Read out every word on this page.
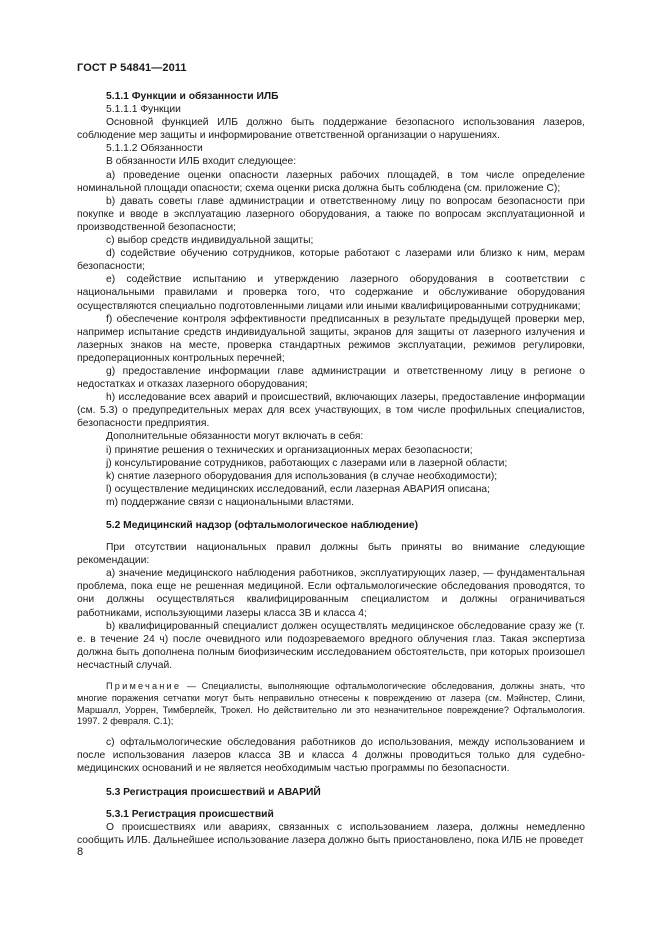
ГОСТ Р 54841—2011

5.1.1 Функции и обязанности ИЛБ

5.1.1.1 Функции

Основной функцией ИЛБ должно быть поддержание безопасного использования лазеров, соблюдение мер защиты и информирование ответственной организации о нарушениях.

5.1.1.2 Обязанности

В обязанности ИЛБ входит следующее:

a) проведение оценки опасности лазерных рабочих площадей, в том числе определение номинальной площади опасности; схема оценки риска должна быть соблюдена (см. приложение С);

b) давать советы главе администрации и ответственному лицу по вопросам безопасности при покупке и вводе в эксплуатацию лазерного оборудования, а также по вопросам эксплуатационной и производственной безопасности;

c) выбор средств индивидуальной защиты;

d) содействие обучению сотрудников, которые работают с лазерами или близко к ним, мерам безопасности;

e) содействие испытанию и утверждению лазерного оборудования в соответствии с национальными правилами и проверка того, что содержание и обслуживание оборудования осуществляются специально подготовленными лицами или иными квалифицированными сотрудниками;

f) обеспечение контроля эффективности предписанных в результате предыдущей проверки мер, например испытание средств индивидуальной защиты, экранов для защиты от лазерного излучения и лазерных знаков на месте, проверка стандартных режимов эксплуатации, режимов регулировки, предоперационных контрольных перечней;

g) предоставление информации главе администрации и ответственному лицу в регионе о недостатках и отказах лазерного оборудования;

h) исследование всех аварий и происшествий, включающих лазеры, предоставление информации (см. 5.3) о предупредительных мерах для всех участвующих, в том числе профильных специалистов, безопасности предприятия.

Дополнительные обязанности могут включать в себя:

i) принятие решения о технических и организационных мерах безопасности;

j) консультирование сотрудников, работающих с лазерами или в лазерной области;

k) снятие лазерного оборудования для использования (в случае необходимости);

l) осуществление медицинских исследований, если лазерная АВАРИЯ описана;

m) поддержание связи с национальными властями.

5.2 Медицинский надзор (офтальмологическое наблюдение)

При отсутствии национальных правил должны быть приняты во внимание следующие рекомендации:

a) значение медицинского наблюдения работников, эксплуатирующих лазер, — фундаментальная проблема, пока еще не решенная медициной. Если офтальмологические обследования проводятся, то они должны осуществляться квалифицированным специалистом и должны ограничиваться работниками, использующими лазеры класса 3В и класса 4;

b) квалифицированный специалист должен осуществлять медицинское обследование сразу же (т. е. в течение 24 ч) после очевидного или подозреваемого вредного облучения глаз. Такая экспертиза должна быть дополнена полным биофизическим исследованием обстоятельств, при которых произошел несчастный случай.

Примечание — Специалисты, выполняющие офтальмологические обследования, должны знать, что многие поражения сетчатки могут быть неправильно отнесены к повреждению от лазера (см. Мэйнстер, Слини, Маршалл, Уоррен, Тимберлейк, Трокел. Но действительно ли это незначительное повреждение? Офтальмология. 1997. 2 февраля. С.1);

c) офтальмологические обследования работников до использования, между использованием и после использования лазеров класса 3В и класса 4 должны проводиться только для судебно-медицинских оснований и не является необходимым частью программы по безопасности.

5.3 Регистрация происшествий и АВАРИЙ

5.3.1 Регистрация происшествий

О происшествиях или авариях, связанных с использованием лазера, должны немедленно сообщить ИЛБ. Дальнейшее использование лазера должно быть приостановлено, пока ИЛБ не проведет

8
